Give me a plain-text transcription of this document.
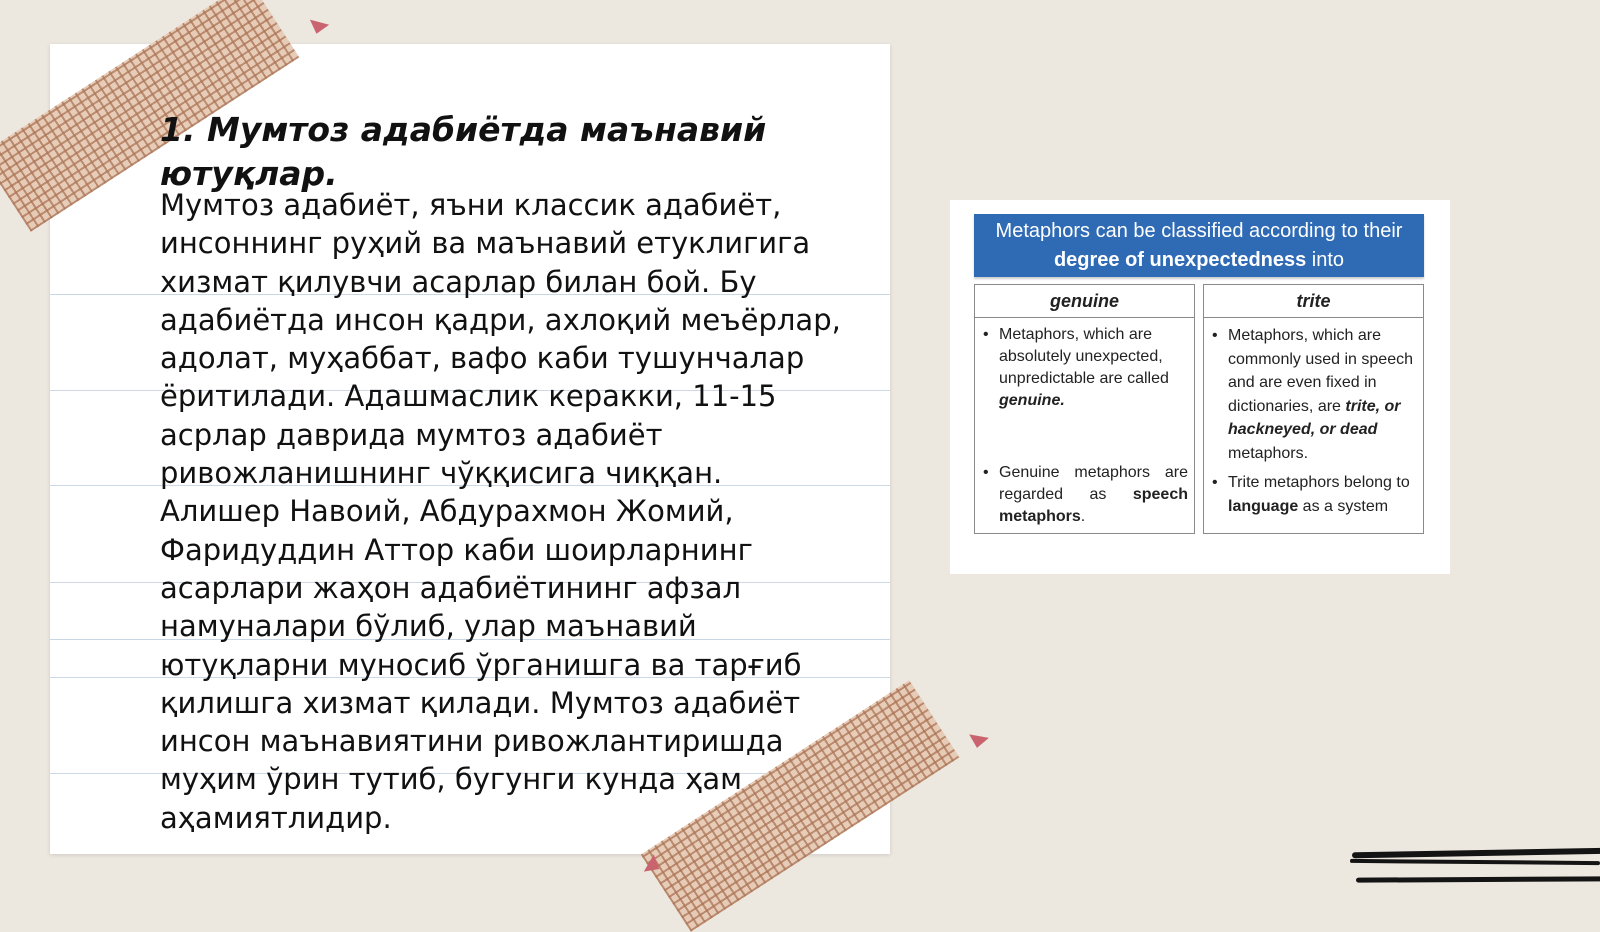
1. Мумтоз адабиётда маънавий ютуқлар.

Мумтоз адабиёт, яъни классик адабиёт, инсоннинг руҳий ва маънавий етуклигига хизмат қилувчи асарлар билан бой. Бу адабиётда инсон қадри, ахлоқий меъёрлар, адолат, муҳаббат, вафо каби тушунчалар ёритилади. Адашмаслик керакки, 11-15 асрлар даврида мумтоз адабиёт ривожланишнинг чўққисига чиққан. Алишер Навоий, Абдурахмон Жомий, Фаридуддин Аттор каби шоирларнинг асарлари жаҳон адабиётининг афзал намуналари бўлиб, улар маънавий ютуқларни муносиб ўрганишга ва тарғиб қилишга хизмат қилади. Мумтоз адабиёт инсон маънавиятини ривожлантиришда муҳим ўрин тутиб, бугунги кунда ҳам аҳамиятлидир.

Metaphors can be classified according to their degree of unexpectedness into
genuine
• Metaphors, which are absolutely unexpected, unpredictable are called genuine.
• Genuine metaphors are regarded as speech metaphors.
trite
• Metaphors, which are commonly used in speech and are even fixed in dictionaries, are trite, or hackneyed, or dead metaphors.
• Trite metaphors belong to language as a system
